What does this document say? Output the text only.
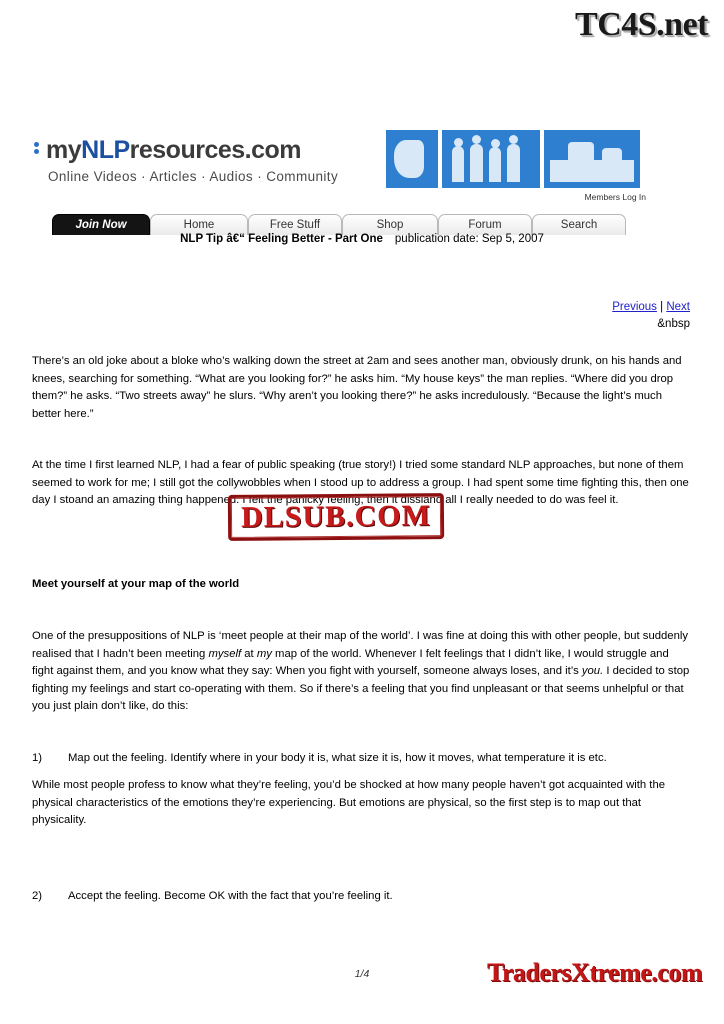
TC4S.net
myNLPresources.com
Online Videos · Articles · Audios · Community
Members Log In
Join Now	Home	Free Stuff	Shop	Forum	Search
NLP Tip â€“ Feeling Better - Part One publication date: Sep 5, 2007
Previous | Next
&nbsp
There’s an old joke about a bloke who’s walking down the street at 2am and sees another man, obviously drunk, on his hands and knees, searching for something. “What are you looking for?” he asks him. “My house keys” the man replies. “Where did you drop them?” he asks. “Two streets away” he slurs. “Why aren’t you looking there?” he asks incredulously. “Because the light’s much better here.”
At the time I first learned NLP, I had a fear of public speaking (true story!) I tried some standard NLP approaches, but none of them seemed to work for me; I still got the collywobbles when I stood up to address a group. I had spent some time fighting this, then one day I stoand an amazing thing happened. I felt the panicky feeling, then it dissiand all I really needed to do was feel it.
DLSUB.COM
Meet yourself at your map of the world
One of the presuppositions of NLP is ‘meet people at their map of the world’. I was fine at doing this with other people, but suddenly realised that I hadn’t been meeting myself at my map of the world. Whenever I felt feelings that I didn’t like, I would struggle and fight against them, and you know what they say: When you fight with yourself, someone always loses, and it’s you. I decided to stop fighting my feelings and start co-operating with them. So if there’s a feeling that you find unpleasant or that seems unhelpful or that you just plain don’t like, do this:
1) Map out the feeling. Identify where in your body it is, what size it is, how it moves, what temperature it is etc.
While most people profess to know what they’re feeling, you’d be shocked at how many people haven’t got acquainted with the physical characteristics of the emotions they’re experiencing. But emotions are physical, so the first step is to map out that physicality.
2) Accept the feeling. Become OK with the fact that you’re feeling it.
1/4	TradersXtreme.com
